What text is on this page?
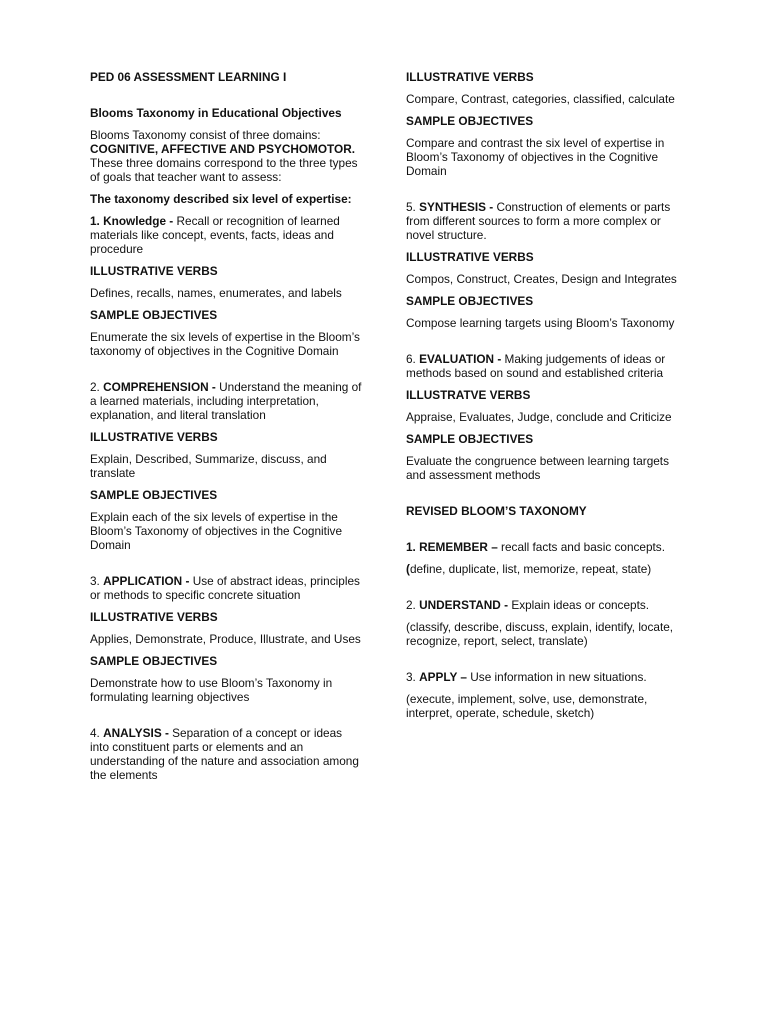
PED 06 ASSESSMENT LEARNING I

Blooms Taxonomy in Educational Objectives

Blooms Taxonomy consist of three domains: COGNITIVE, AFFECTIVE AND PSYCHOMOTOR. These three domains correspond to the three types of goals that teacher want to assess:

The taxonomy described six level of expertise:

1. Knowledge - Recall or recognition of learned materials like concept, events, facts, ideas and procedure

ILLUSTRATIVE VERBS

Defines, recalls, names, enumerates, and labels

SAMPLE OBJECTIVES

Enumerate the six levels of expertise in the Bloom’s taxonomy of objectives in the Cognitive Domain

2. COMPREHENSION - Understand the meaning of a learned materials, including interpretation, explanation, and literal translation

ILLUSTRATIVE VERBS

Explain, Described, Summarize, discuss, and translate

SAMPLE OBJECTIVES

Explain each of the six levels of expertise in the Bloom’s Taxonomy of objectives in the Cognitive Domain

3. APPLICATION - Use of abstract ideas, principles or methods to specific concrete situation

ILLUSTRATIVE VERBS

Applies, Demonstrate, Produce, Illustrate, and Uses

SAMPLE OBJECTIVES

Demonstrate how to use Bloom’s Taxonomy in formulating learning objectives

4. ANALYSIS - Separation of a concept or ideas into constituent parts or elements and an understanding of the nature and association among the elements

ILLUSTRATIVE VERBS

Compare, Contrast, categories, classified, calculate

SAMPLE OBJECTIVES

Compare and contrast the six level of expertise in Bloom’s Taxonomy of objectives in the Cognitive Domain

5. SYNTHESIS - Construction of elements or parts from different sources to form a more complex or novel structure.

ILLUSTRATIVE VERBS

Compos, Construct, Creates, Design and Integrates

SAMPLE OBJECTIVES

Compose learning targets using Bloom’s Taxonomy

6. EVALUATION - Making judgements of ideas or methods based on sound and established criteria

ILLUSTRATVE VERBS

Appraise, Evaluates, Judge, conclude and Criticize

SAMPLE OBJECTIVES

Evaluate the congruence between learning targets and assessment methods

REVISED BLOOM’S TAXONOMY

1. REMEMBER – recall facts and basic concepts.

(define, duplicate, list, memorize, repeat, state)

2. UNDERSTAND - Explain ideas or concepts.

(classify, describe, discuss, explain, identify, locate, recognize, report, select, translate)

3. APPLY – Use information in new situations.

(execute, implement, solve, use, demonstrate, interpret, operate, schedule, sketch)
